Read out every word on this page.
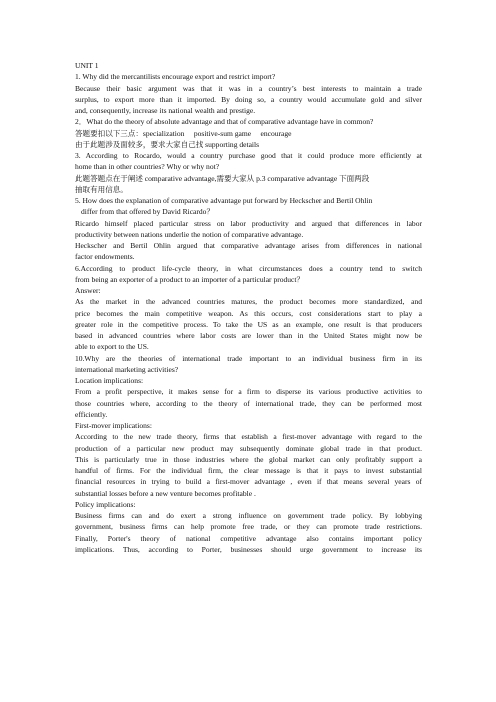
UNIT 1
1. Why did the mercantilists encourage export and restrict import?
Because their basic argument was that it was in a country’s best interests to maintain a trade
surplus, to export more than it imported. By doing so, a country would accumulate gold and silver
and, consequently, increase its national wealth and prestige.
2．What do the theory of absolute advantage and that of comparative advantage have in common?
答题要扣以下三点：specialization　 positive-sum game　 encourage
由于此题涉及面较多，要求大家自己找 supporting details
3. According to Rocardo, would a country purchase good that it could produce more efficiently at
home than in other countries? Why or why not?
此题答题点在于阐述 comparative advantage,需要大家从 p.3 comparative advantage 下面两段
抽取有用信息。
5. How does the explanation of comparative advantage put forward by Heckscher and Bertil Ohlin
differ from that offered by David Ricardo？
Ricardo himself placed particular stress on labor productivity and argued that differences in labor
productivity between nations underlie the notion of comparative advantage.
Heckscher and Bertil Ohlin argued that comparative advantage arises from differences in national
factor endowments.
6.According to product life-cycle theory, in what circumstances does a country tend to switch
from being an exporter of a product to an importer of a particular product？
Answer:
As the market in the advanced countries matures, the product becomes more standardized, and
price becomes the main competitive weapon. As this occurs, cost considerations start to play a
greater role in the competitive process. To take the US as an example, one result is that producers
based in advanced countries where labor costs are lower than in the United States might now be
able to export to the US.
10.Why are the theories of international trade important to an individual business firm in its
international marketing activities?
Location implications:
From a profit perspective, it makes sense for a firm to disperse its various productive activities to
those countries where, according to the theory of international trade, they can be performed most
efficiently.
First-mover implications:
According to the new trade theory, firms that establish a first-mover advantage with regard to the
production of a particular new product may subsequently dominate global trade in that product.
This is particularly true in those industries where the global market can only profitably support a
handful of firms. For the individual firm, the clear message is that it pays to invest substantial
financial resources in trying to build a first-mover advantage , even if that means several years of
substantial losses before a new venture becomes profitable .
Policy implications:
Business firms can and do exert a strong influence on government trade policy. By lobbying
government, business firms can help promote free trade, or they can promote trade restrictions.
Finally, Porter's theory of national competitive advantage also contains important policy
implications. Thus, according to Porter, businesses should urge government to increase its
